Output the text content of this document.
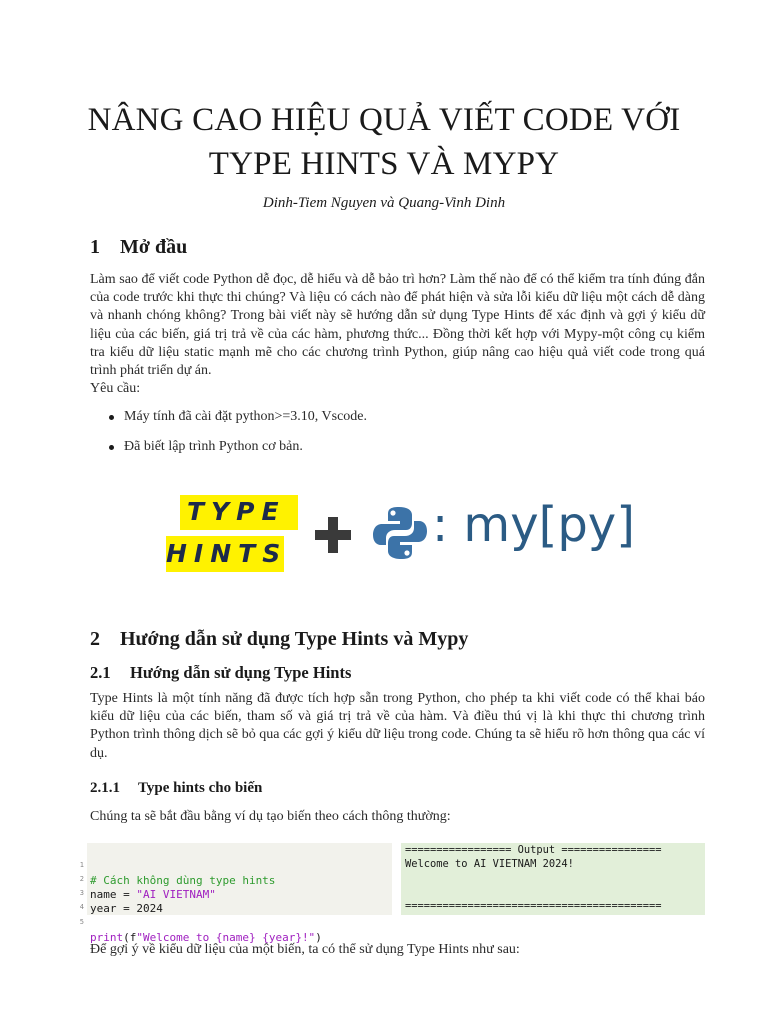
NÂNG CAO HIỆU QUẢ VIẾT CODE VỚI
TYPE HINTS VÀ MYPY
Dinh-Tiem Nguyen và Quang-Vinh Dinh
1 Mở đầu
Làm sao để viết code Python dễ đọc, dễ hiểu và dễ bảo trì hơn? Làm thế nào để có thể kiểm tra tính đúng đắn của code trước khi thực thi chúng? Và liệu có cách nào để phát hiện và sửa lỗi kiểu dữ liệu một cách dễ dàng và nhanh chóng không? Trong bài viết này sẽ hướng dẫn sử dụng Type Hints để xác định và gợi ý kiểu dữ liệu của các biến, giá trị trả về của các hàm, phương thức... Đồng thời kết hợp với Mypy-một công cụ kiểm tra kiểu dữ liệu static mạnh mẽ cho các chương trình Python, giúp nâng cao hiệu quả viết code trong quá trình phát triển dự án.
Yêu cầu:
Máy tính đã cài đặt python>=3.10, Vscode.
Đã biết lập trình Python cơ bản.
TYPE
HINTS
: my[py]
2 Hướng dẫn sử dụng Type Hints và Mypy
2.1 Hướng dẫn sử dụng Type Hints
Type Hints là một tính năng đã được tích hợp sẵn trong Python, cho phép ta khi viết code có thể khai báo kiểu dữ liệu của các biến, tham số và giá trị trả về của hàm. Và điều thú vị là khi thực thi chương trình Python trình thông dịch sẽ bỏ qua các gợi ý kiểu dữ liệu trong code. Chúng ta sẽ hiểu rõ hơn thông qua các ví dụ.
2.1.1 Type hints cho biến
Chúng ta sẽ bắt đầu bằng ví dụ tạo biến theo cách thông thường:

1

# Cách không dùng type hints

2

name = "AI VIETNAM"

3

year = 2024

4

5

print(f"Welcome to {name} {year}!")

================= Output ================
Welcome to AI VIETNAM 2024!
=========================================
Để gợi ý về kiểu dữ liệu của một biến, ta có thể sử dụng Type Hints như sau:
